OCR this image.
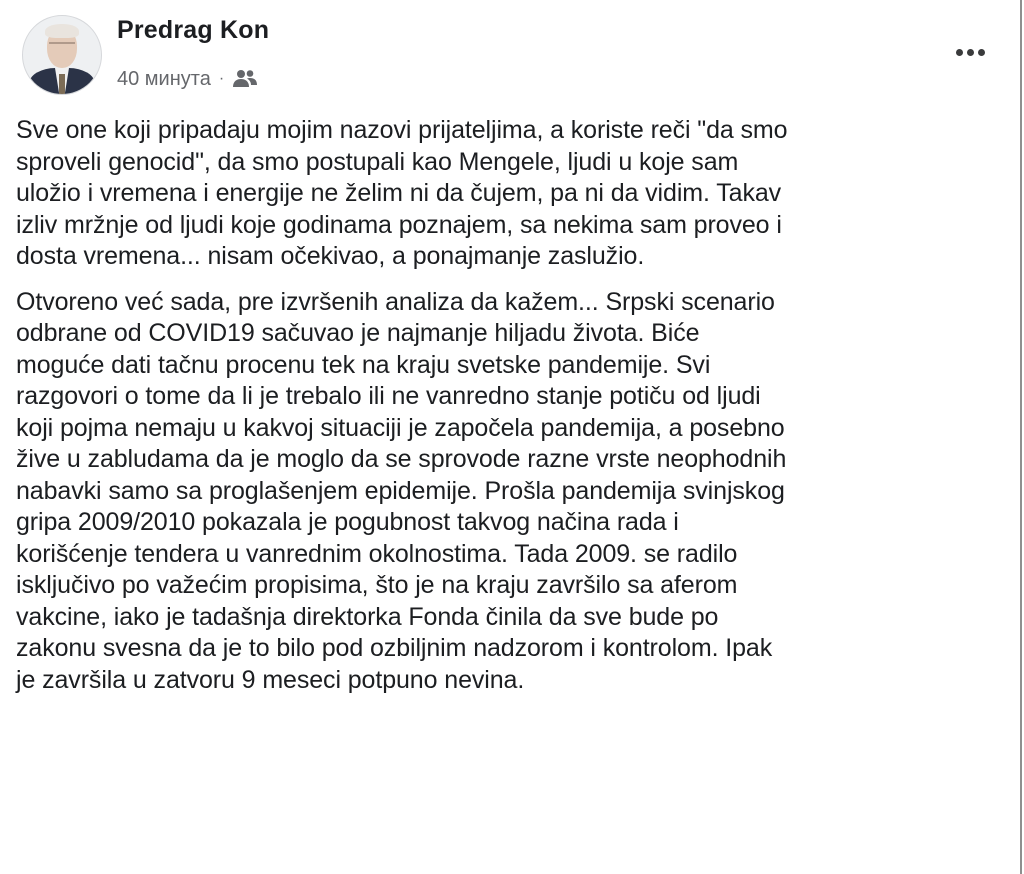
Predrag Kon
40 минута ·

Sve one koji pripadaju mojim nazovi prijateljima, a koriste reči "da smo
sproveli genocid", da smo postupali kao Mengele, ljudi u koje sam
uložio i vremena i energije ne želim ni da čujem, pa ni da vidim. Takav
izliv mržnje od ljudi koje godinama poznajem, sa nekima sam proveo i
dosta vremena... nisam očekivao, a ponajmanje zaslužio.

Otvoreno već sada, pre izvršenih analiza da kažem... Srpski scenario
odbrane od COVID19 sačuvao je najmanje hiljadu života. Biće
moguće dati tačnu procenu tek na kraju svetske pandemije. Svi
razgovori o tome da li je trebalo ili ne vanredno stanje potiču od ljudi
koji pojma nemaju u kakvoj situaciji je započela pandemija, a posebno
žive u zabludama da je moglo da se sprovode razne vrste neophodnih
nabavki samo sa proglašenjem epidemije. Prošla pandemija svinjskog
gripa 2009/2010 pokazala je pogubnost takvog načina rada i
korišćenje tendera u vanrednim okolnostima. Tada 2009. se radilo
isključivo po važećim propisima, što je na kraju završilo sa aferom
vakcine, iako je tadašnja direktorka Fonda činila da sve bude po
zakonu svesna da je to bilo pod ozbiljnim nadzorom i kontrolom. Ipak
je završila u zatvoru 9 meseci potpuno nevina.
